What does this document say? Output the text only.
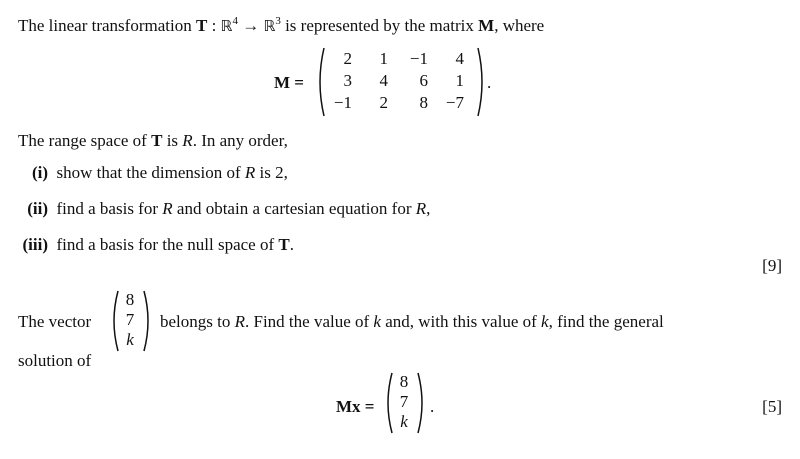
The linear transformation T : ℝ$^4$ → ℝ$^3$ is represented by the matrix M, where
M =
2	1	−1	4
3	4	6	1
−1	2	8	−7
.
The range space of T is R. In any order,
(i) show that the dimension of R is 2,
(ii) find a basis for R and obtain a cartesian equation for R,
(iii) find a basis for the null space of T.
[9]
The vector
8
7
k
belongs to R. Find the value of k and, with this value of k, find the general
solution of
Mx =
8
7
k
.	[5]
